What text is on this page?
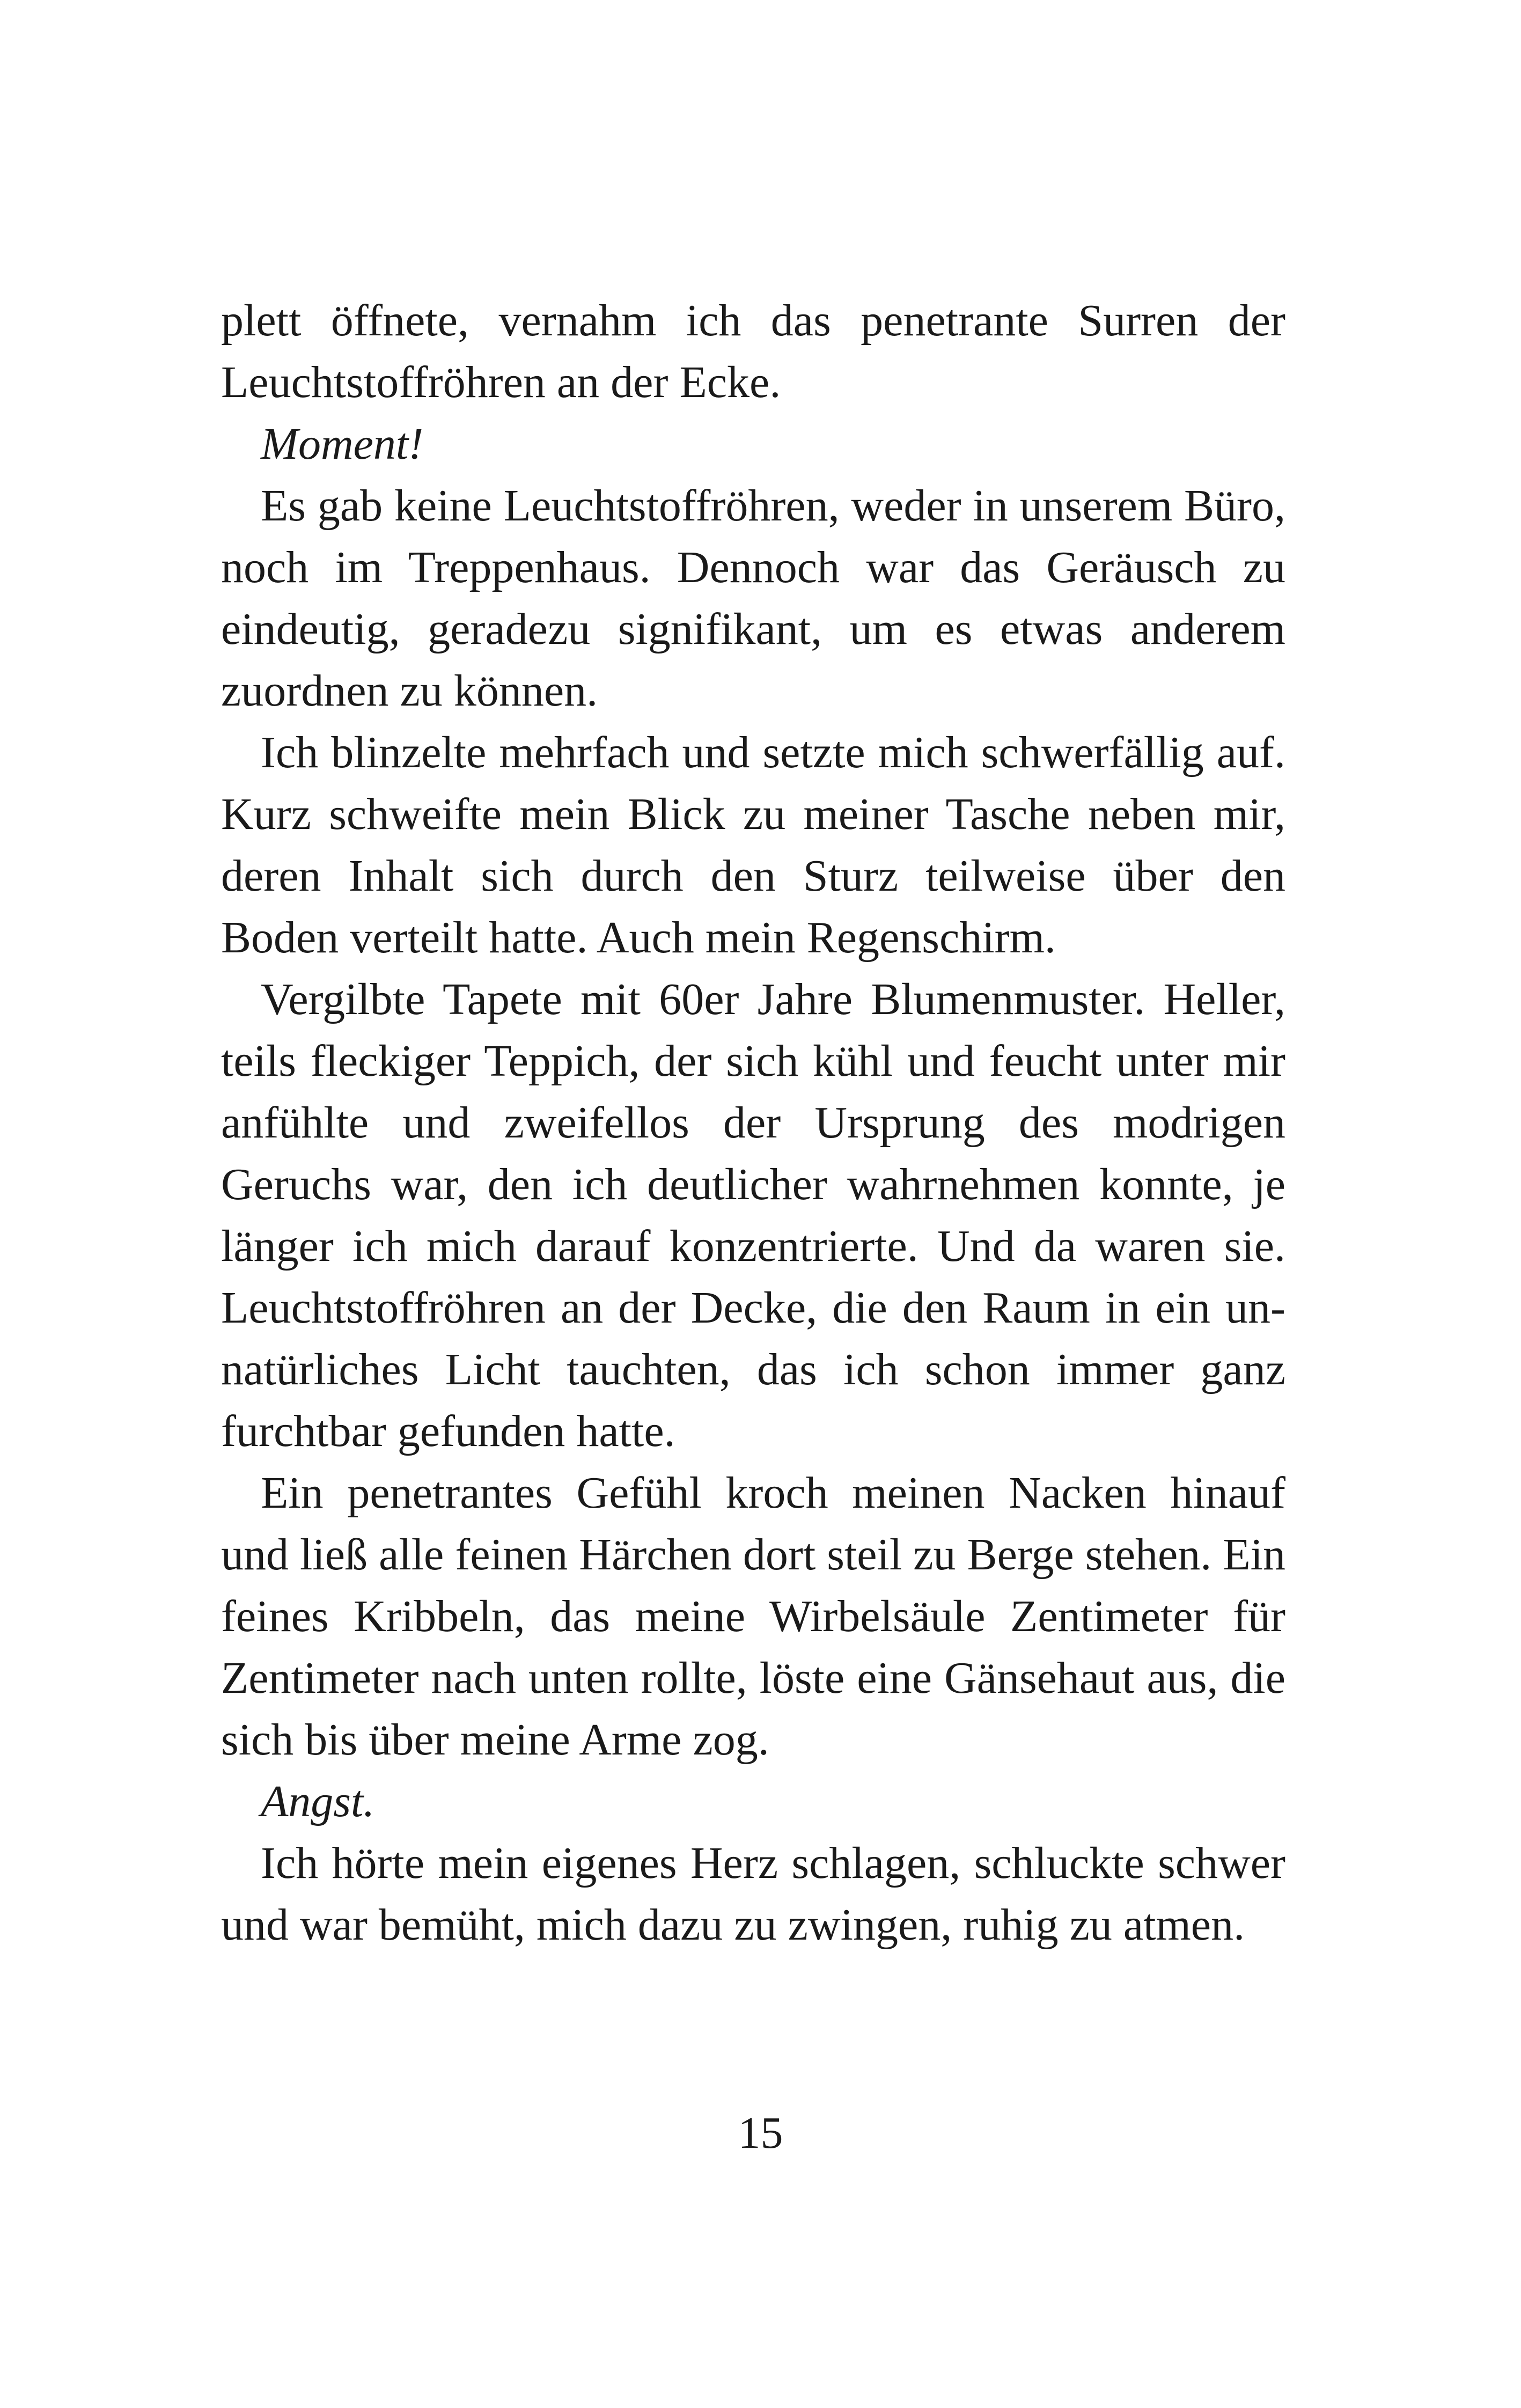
plett öffnete, vernahm ich das penetrante Surren der Leuchtstoffröhren an der Ecke.

Moment!

Es gab keine Leuchtstoffröhren, weder in unserem Büro, noch im Treppenhaus. Dennoch war das Geräusch zu eindeutig, geradezu signifikant, um es etwas anderem zuordnen zu können.

Ich blinzelte mehrfach und setzte mich schwerfällig auf. Kurz schweifte mein Blick zu meiner Tasche neben mir, deren Inhalt sich durch den Sturz teilweise über den Boden verteilt hatte. Auch mein Regenschirm.

Vergilbte Tapete mit 60er Jahre Blumenmuster. Heller, teils fleckiger Teppich, der sich kühl und feucht unter mir anfühlte und zweifellos der Ursprung des modrigen Geruchs war, den ich deutlicher wahrnehmen konnte, je länger ich mich darauf konzentrierte. Und da waren sie. Leuchtstoffröhren an der Decke, die den Raum in ein unnatürliches Licht tauchten, das ich schon immer ganz furchtbar gefunden hatte.

Ein penetrantes Gefühl kroch meinen Nacken hinauf und ließ alle feinen Härchen dort steil zu Berge stehen. Ein feines Kribbeln, das meine Wirbelsäule Zentimeter für Zentimeter nach unten rollte, löste eine Gänsehaut aus, die sich bis über meine Arme zog.

Angst.

Ich hörte mein eigenes Herz schlagen, schluckte schwer und war bemüht, mich dazu zu zwingen, ruhig zu atmen.

15
